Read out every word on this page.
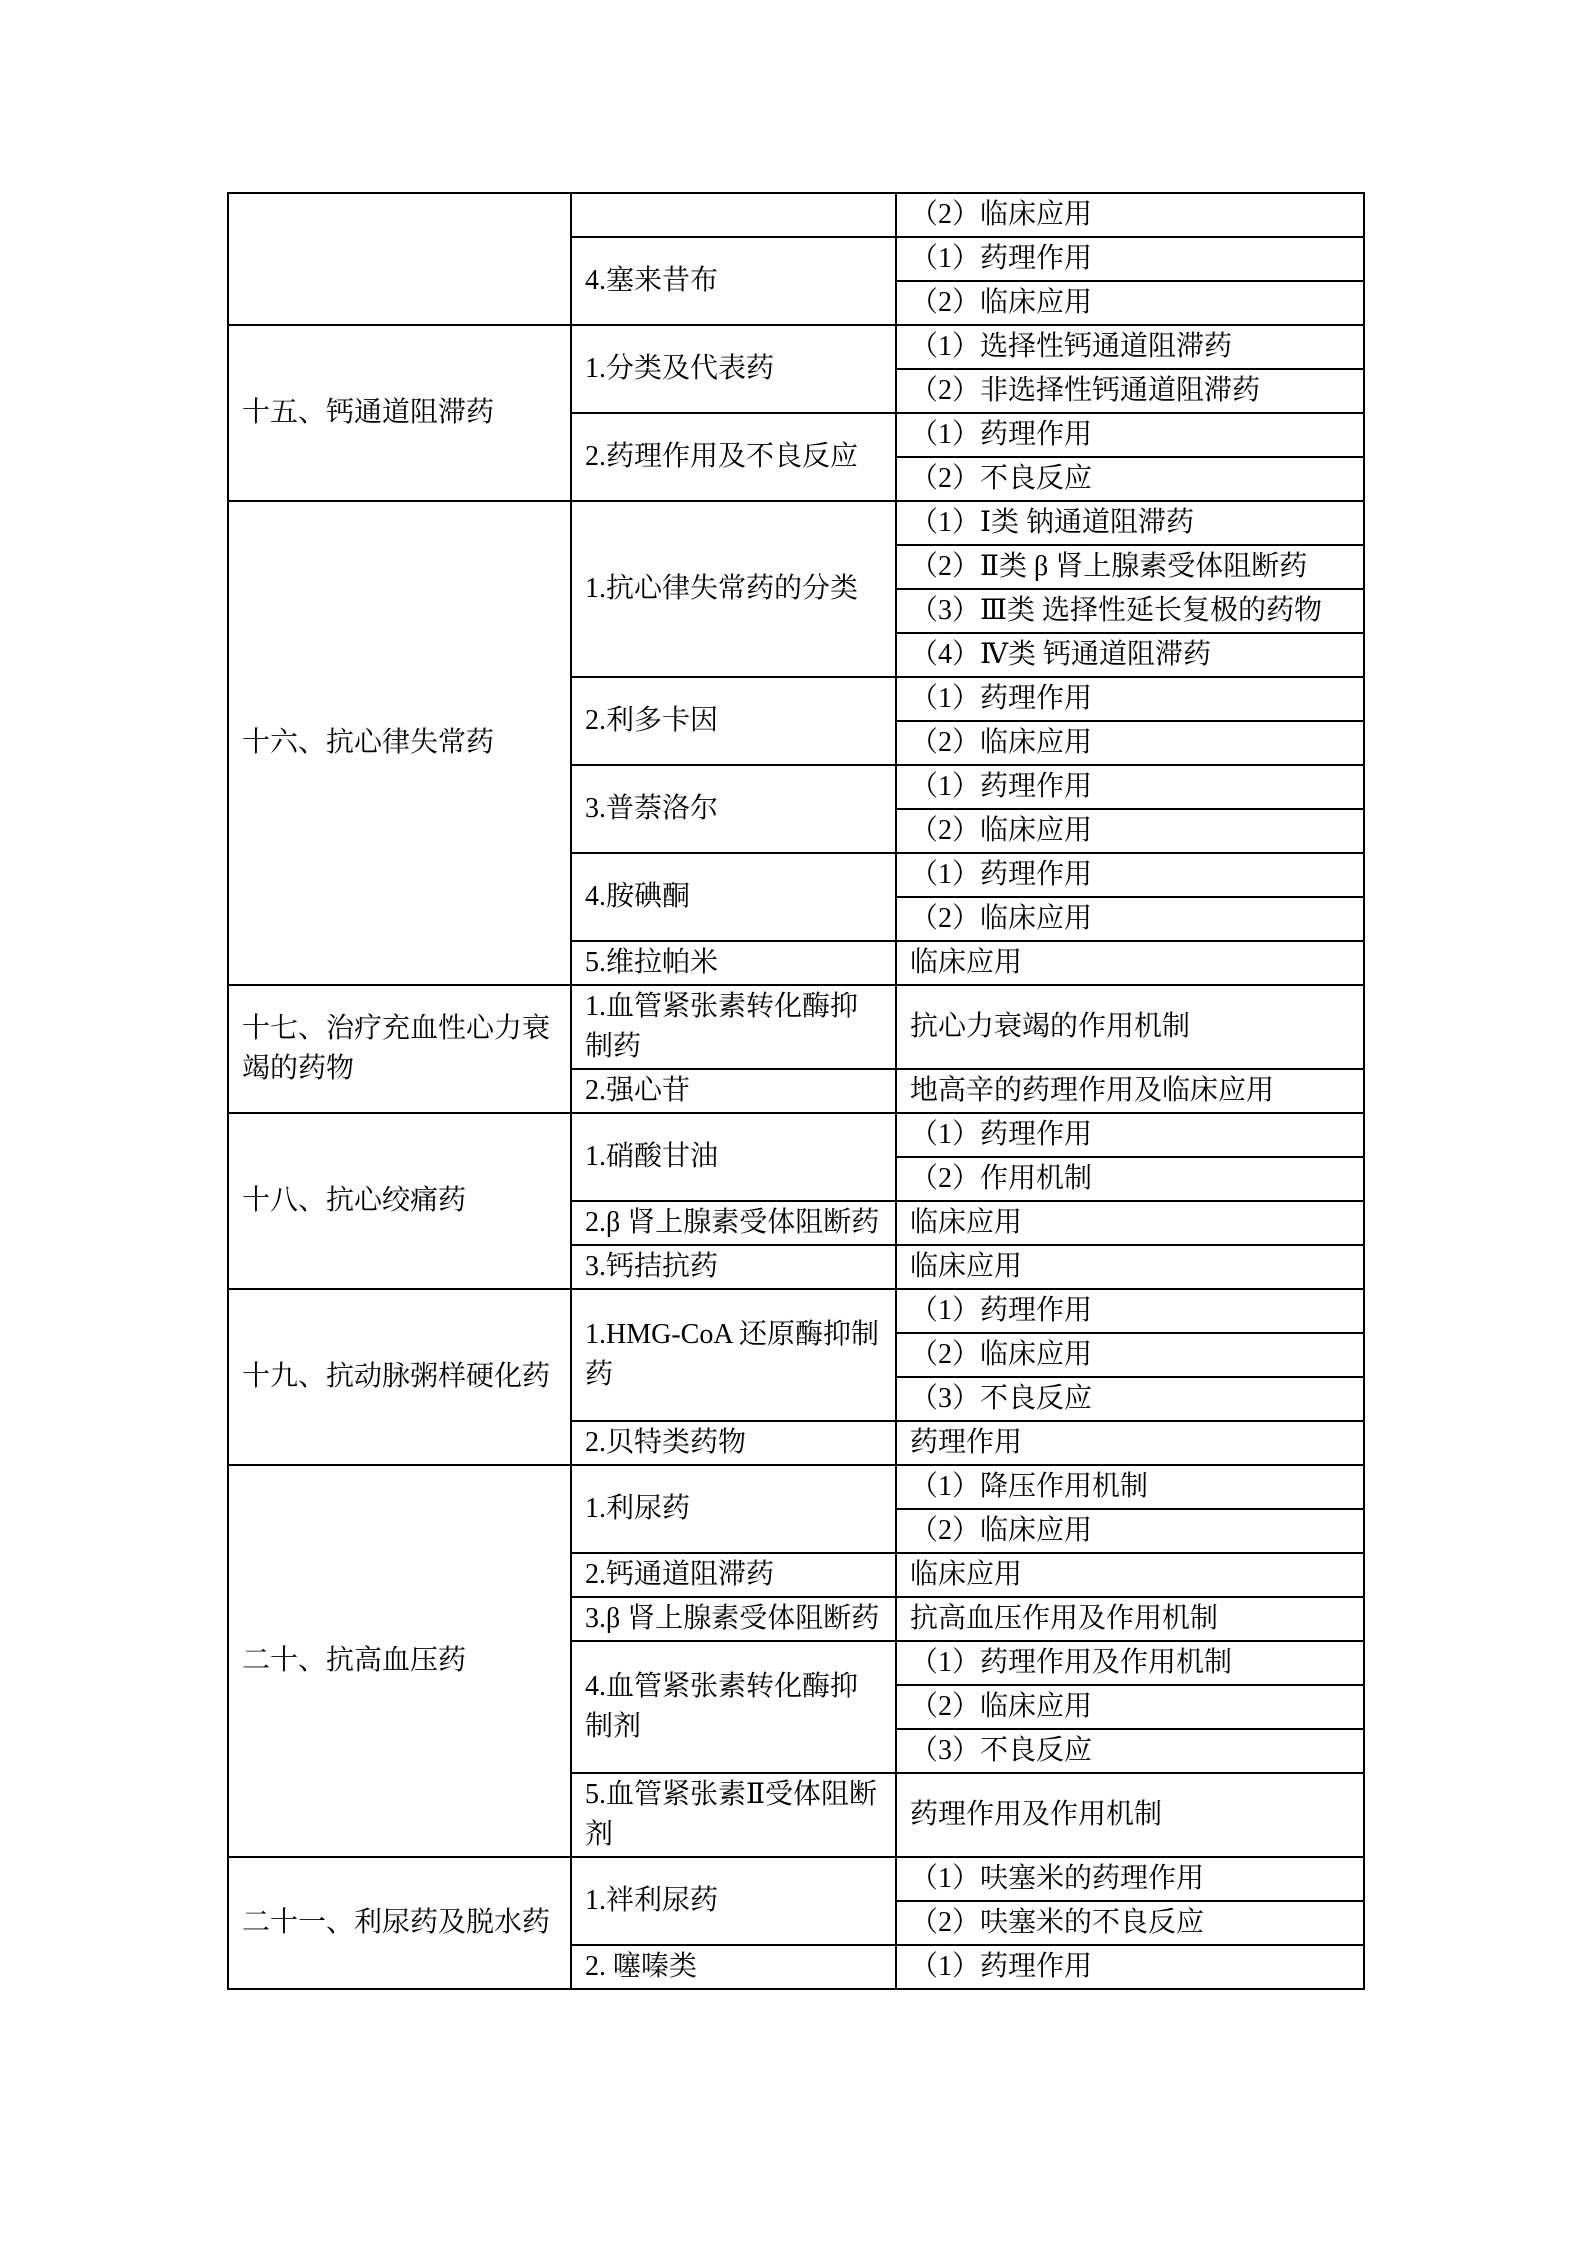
		（2）临床应用
	4.塞来昔布	（1）药理作用
		（2）临床应用
十五、钙通道阻滞药	1.分类及代表药	（1）选择性钙通道阻滞药
		（2）非选择性钙通道阻滞药
	2.药理作用及不良反应	（1）药理作用
		（2）不良反应
十六、抗心律失常药	1.抗心律失常药的分类	（1）Ⅰ类 钠通道阻滞药
		（2）Ⅱ类 β 肾上腺素受体阻断药
		（3）Ⅲ类 选择性延长复极的药物
		（4）Ⅳ类 钙通道阻滞药
	2.利多卡因	（1）药理作用
		（2）临床应用
	3.普萘洛尔	（1）药理作用
		（2）临床应用
	4.胺碘酮	（1）药理作用
		（2）临床应用
	5.维拉帕米	临床应用
十七、治疗充血性心力衰竭的药物	1.血管紧张素转化酶抑制药	抗心力衰竭的作用机制
	2.强心苷	地高辛的药理作用及临床应用
十八、抗心绞痛药	1.硝酸甘油	（1）药理作用
		（2）作用机制
	2.β 肾上腺素受体阻断药	临床应用
	3.钙拮抗药	临床应用
十九、抗动脉粥样硬化药	1.HMG-CoA 还原酶抑制药	（1）药理作用
		（2）临床应用
		（3）不良反应
	2.贝特类药物	药理作用
二十、抗高血压药	1.利尿药	（1）降压作用机制
		（2）临床应用
	2.钙通道阻滞药	临床应用
	3.β 肾上腺素受体阻断药	抗高血压作用及作用机制
	4.血管紧张素转化酶抑制剂	（1）药理作用及作用机制
		（2）临床应用
		（3）不良反应
	5.血管紧张素Ⅱ受体阻断剂	药理作用及作用机制
二十一、利尿药及脱水药	1.袢利尿药	（1）呋塞米的药理作用
		（2）呋塞米的不良反应
	2. 噻嗪类	（1）药理作用
